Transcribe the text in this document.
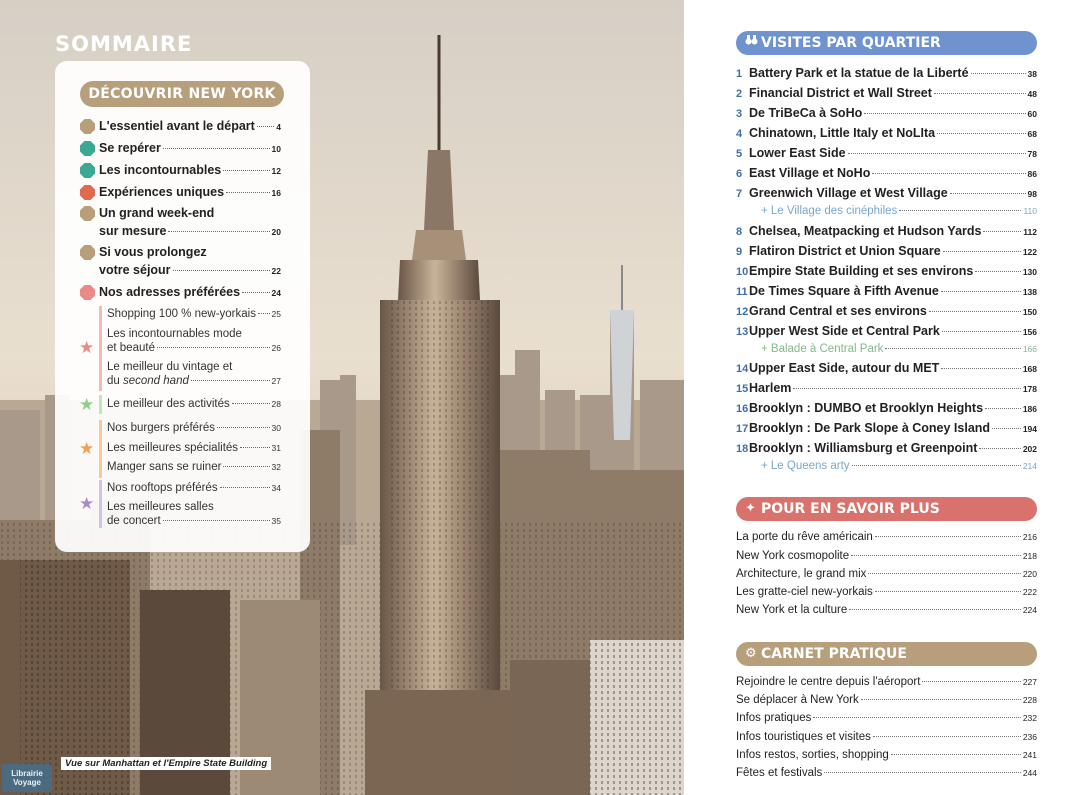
SOMMAIRE
DÉCOUVRIR NEW YORK
L'essentiel avant le départ	4
Se repérer	10
Les incontournables	12
Expériences uniques	16
Un grand week-end
sur mesure	20
Si vous prolongez
votre séjour	22
Nos adresses préférées	24
★
Shopping 100 % new-yorkais 25
Les incontournables mode
et beauté	26
Le meilleur du vintage et
du second hand	27
★ Le meilleur des activités	28
★
Nos burgers préférés	30
Les meilleures spécialités	31
Manger sans se ruiner	32
★
Nos rooftops préférés	34
Les meilleures salles
de concert	35
Vue sur Manhattan et l'Empire State Building
Librairie Voyage
VISITES PAR QUARTIER
1 Battery Park et la statue de la Liberté	38
2 Financial District et Wall Street	48
3 De TriBeCa à SoHo	60
4 Chinatown, Little Italy et NoLIta	68
5 Lower East Side	78
6 East Village et NoHo	86
7 Greenwich Village et West Village	98
+ Le Village des cinéphiles	110
8 Chelsea, Meatpacking et Hudson Yards	112
9 Flatiron District et Union Square	122
10 Empire State Building et ses environs	130
11 De Times Square à Fifth Avenue	138
12 Grand Central et ses environs	150
13 Upper West Side et Central Park	156
+ Balade à Central Park	166
14 Upper East Side, autour du MET	168
15 Harlem	178
16 Brooklyn : DUMBO et Brooklyn Heights	186
17 Brooklyn : De Park Slope à Coney Island	194
18 Brooklyn : Williamsburg et Greenpoint	202
+ Le Queens arty	214
✦ POUR EN SAVOIR PLUS
La porte du rêve américain	216
New York cosmopolite	218
Architecture, le grand mix	220
Les gratte-ciel new-yorkais	222
New York et la culture	224
⚙ CARNET PRATIQUE
Rejoindre le centre depuis l'aéroport	227
Se déplacer à New York	228
Infos pratiques	232
Infos touristiques et visites	236
Infos restos, sorties, shopping	241
Fêtes et festivals	244
